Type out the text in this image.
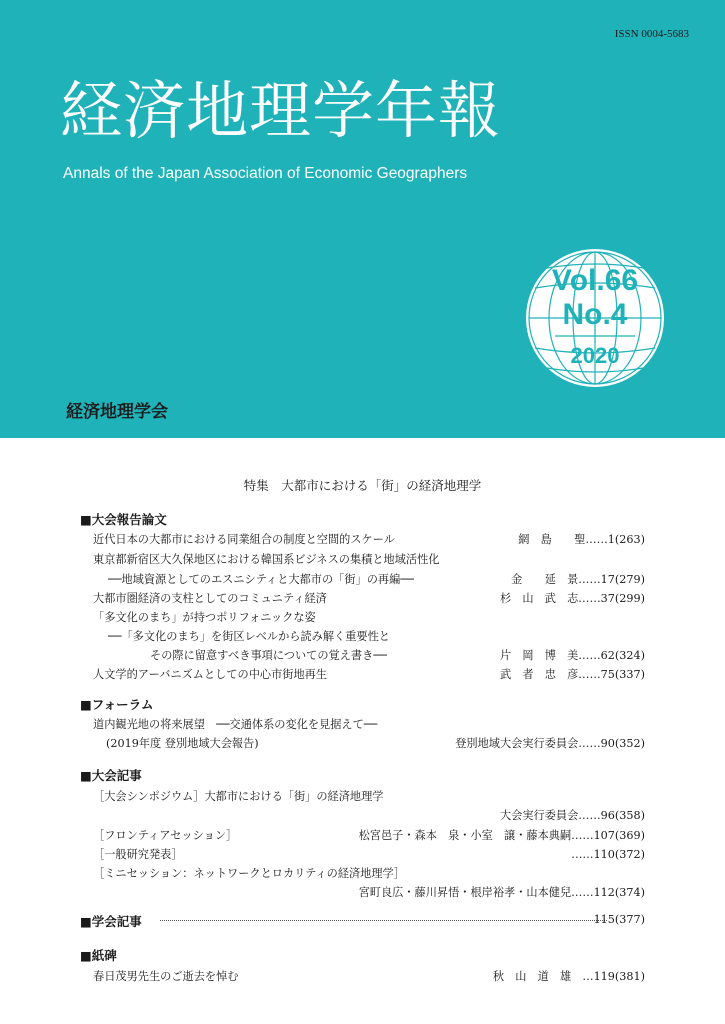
ISSN 0004-5683
経済地理学年報
Annals of the Japan Association of Economic Geographers
Vol.66
No.4
2020
経済地理学会
特集　大都市における「街」の経済地理学
■大会報告論文
近代日本の大都市における同業組合の制度と空間的スケール	網　島　　聖……1(263)
東京都新宿区大久保地区における韓国系ビジネスの集積と地域活性化
──地域資源としてのエスニシティと大都市の「街」の再編──	金　　延　景……17(279)
大都市圏経済の支柱としてのコミュニティ経済	杉　山　武　志……37(299)
「多文化のまち」が持つポリフォニックな姿
──「多文化のまち」を街区レベルから読み解く重要性と
その際に留意すべき事項についての覚え書き──	片　岡　博　美……62(324)
人文学的アーバニズムとしての中心市街地再生	武　者　忠　彦……75(337)
■フォーラム
道内観光地の将来展望　──交通体系の変化を見据えて──
(2019年度 登別地域大会報告)	登別地域大会実行委員会……90(352)
■大会記事
［大会シンポジウム］大都市における「街」の経済地理学
大会実行委員会……96(358)
［フロンティアセッション］	松宮邑子・森本　泉・小室　譲・藤本典嗣……107(369)
［一般研究発表］	……110(372)
［ミニセッション：ネットワークとロカリティの経済地理学］
宮町良広・藤川昇悟・根岸裕孝・山本健兒……112(374)
■学会記事	115(377)
■紙碑
春日茂男先生のご逝去を悼む	秋　山　道　雄　…119(381)
